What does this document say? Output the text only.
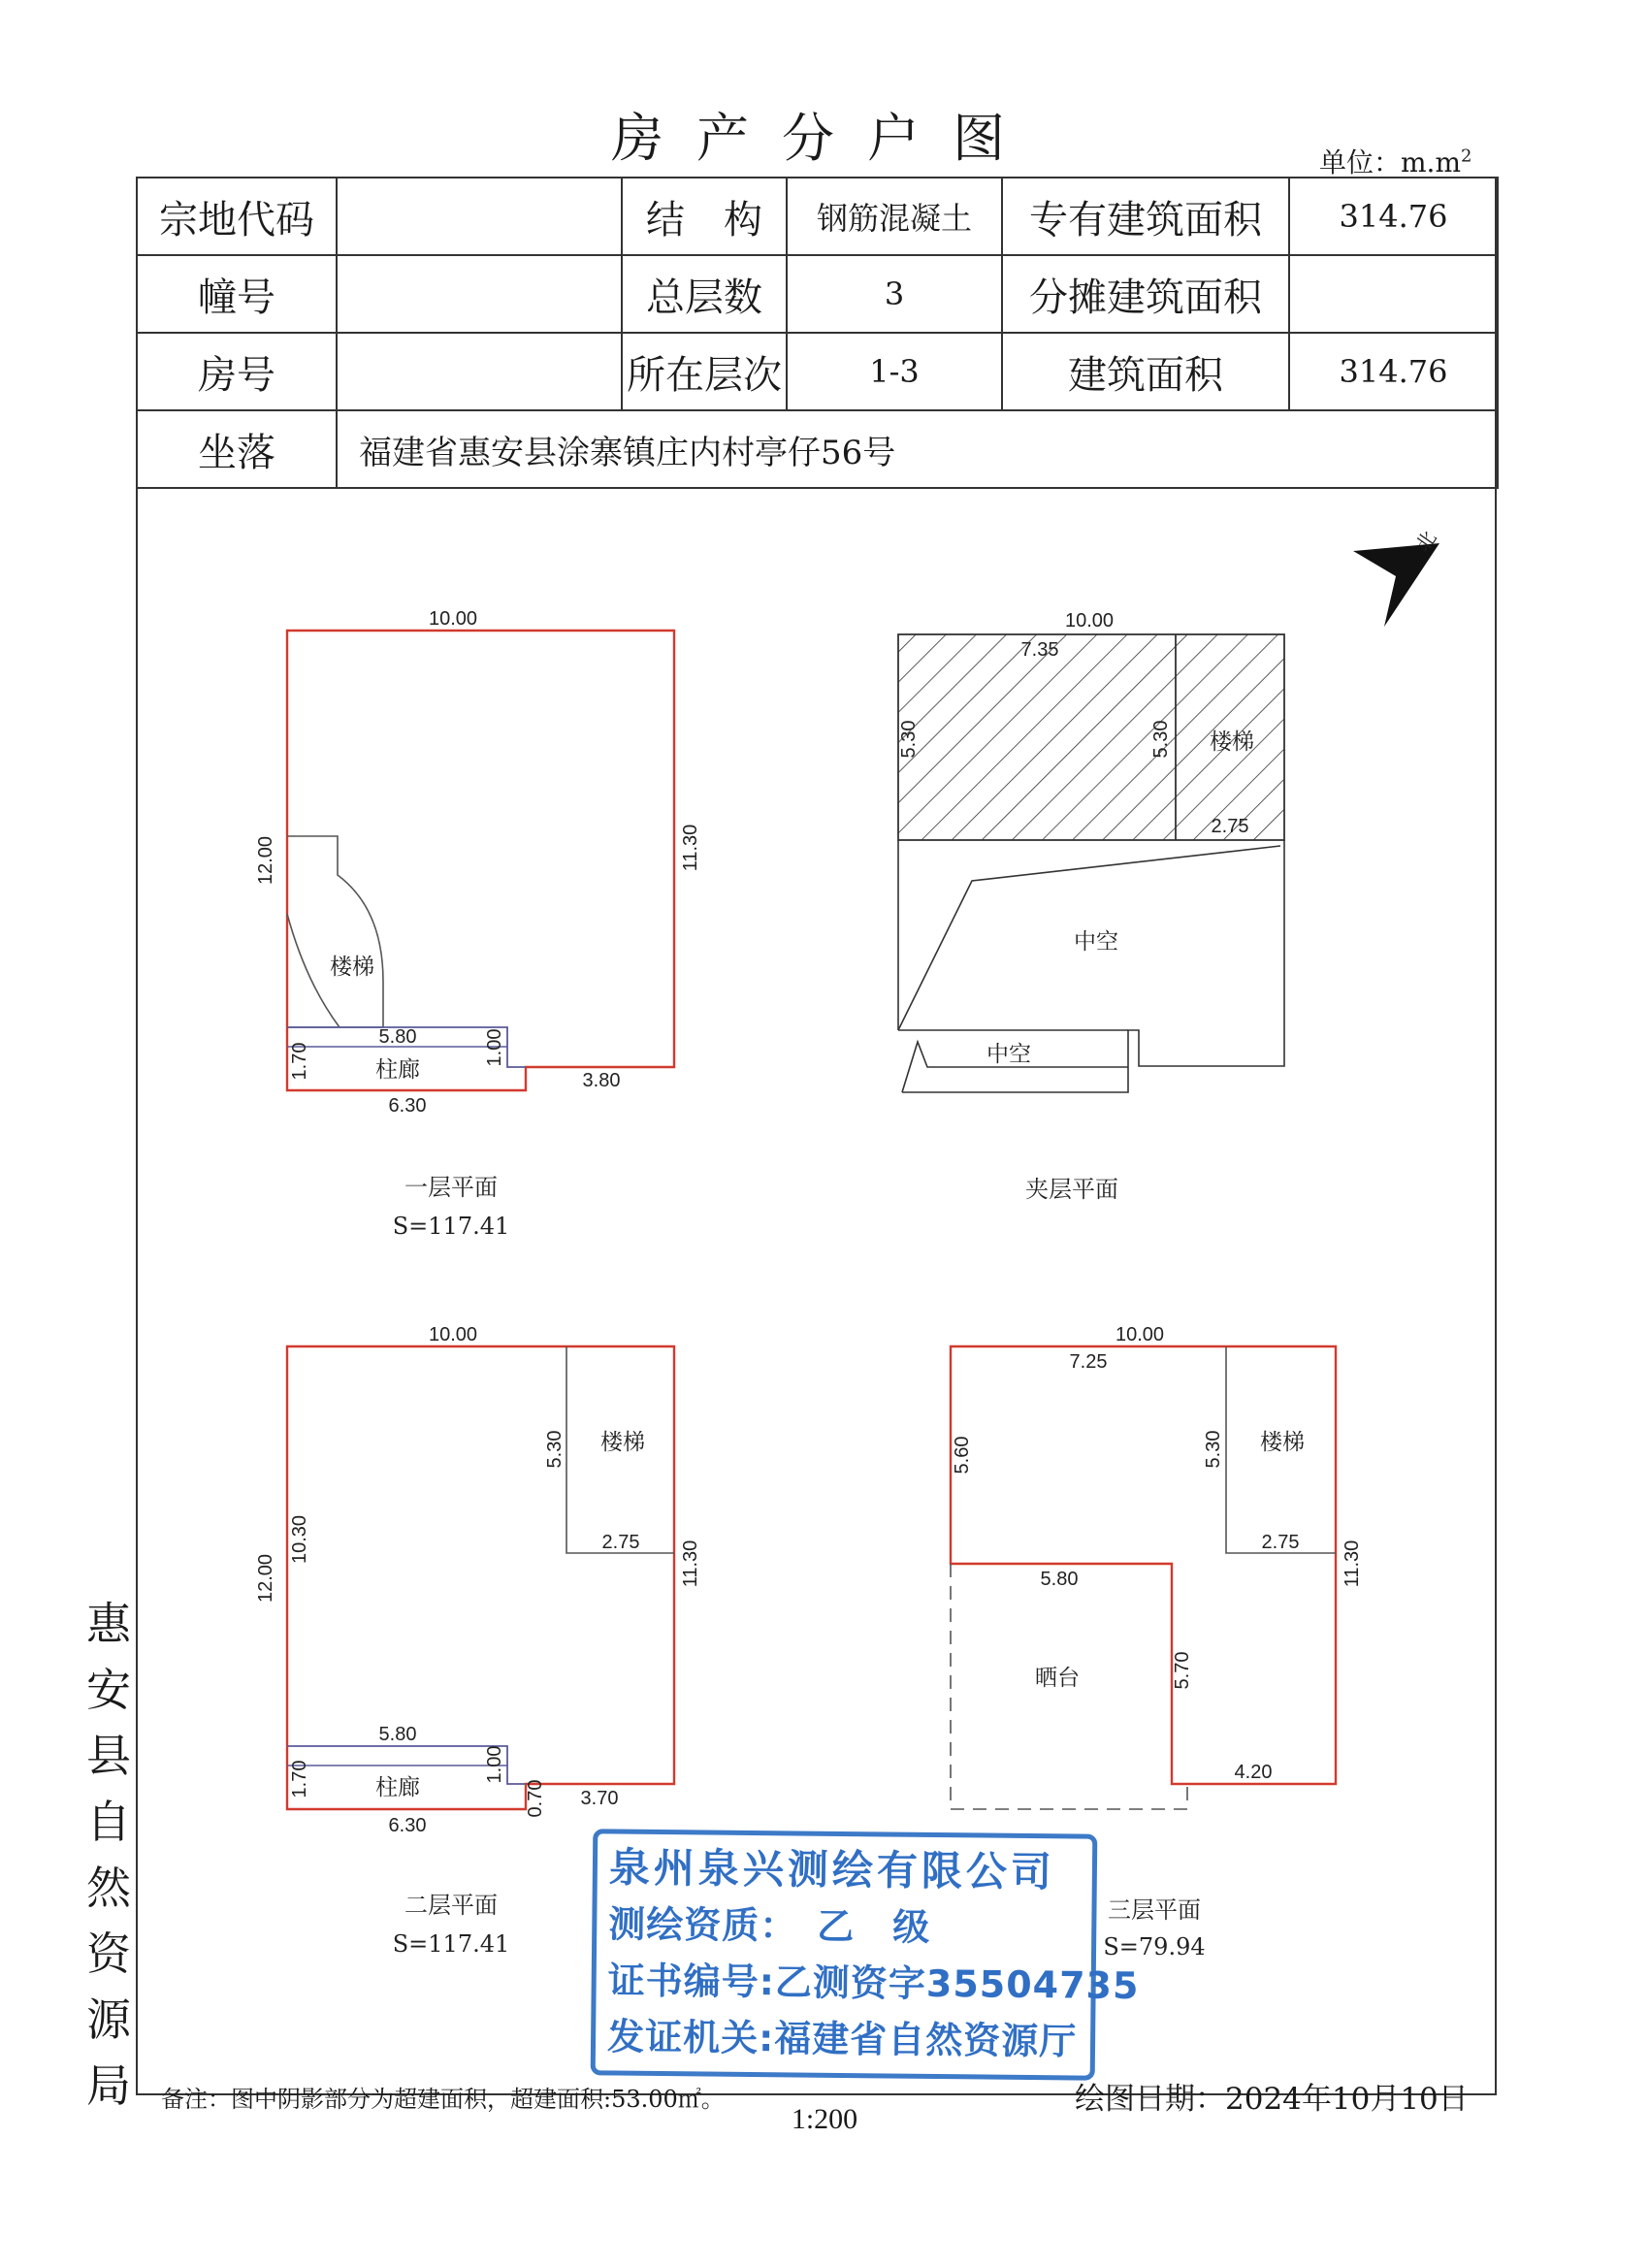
房产分户图	单位：$m.m^2$
宗地代码		结　构	钢筋混凝土	专有建筑面积	314.76
幢号		总层数	3	分摊建筑面积	
房号		所在层次	1-3	建筑面积	314.76
坐落	福建省惠安县涂寨镇庄内村亭仔56号				
北
10.00
11.30
12.00
1.70
5.80	1.00
3.80
6.30
楼梯
柱廊
一层平面
S=117.41
10.00
7.35
5.30	5.30
2.75
楼梯
中空
中空
夹层平面
10.00
5.30
2.75 11.30
12.00
10.30
5.80
1.70	1.00
0.70 3.70
6.30
楼梯
柱廊
二层平面
S=117.41
10.00
7.25
5.60	5.30
2.75 11.30
5.80
5.70
4.20
楼梯
晒台
三层平面
S=79.94
惠
安
县
自
然
资
源
局
泉州泉兴测绘有限公司
测绘资质：　乙　级
证书编号:乙测资字35504735
发证机关:福建省自然资源厅
备注：图中阴影部分为超建面积，超建面积:53.00㎡。	绘图日期：2024年10月10日
1:200
